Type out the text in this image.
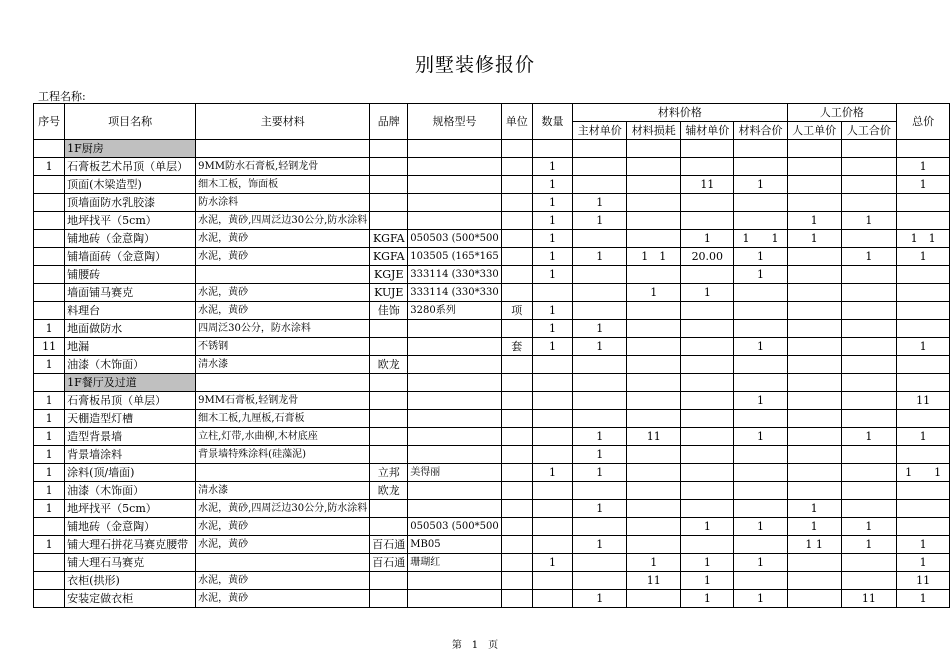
别墅装修报价
工程名称:
序号	项目名称	主要材料	品牌	规格型号	单位	数量	材料价格				人工价格		总价
							主材单价	材料损耗	辅材单价	材料合价	人工单价	人工合价	
	1F厨房												
1	石膏板艺术吊顶（单层）	9MM防水石膏板,轻钢龙骨				1							1
	顶面(木梁造型)	细木工板，饰面板				1			11	1			1
	顶墙面防水乳胶漆	防水涂料				1	1						
	地坪找平（5cm）	水泥，黄砂,四周泛边30公分,防水涂料				1	1				1	1	
	铺地砖（金意陶）	水泥，黄砂	KGFA	050503 (500*500		1			1	1　　1	1		1　1
	铺墙面砖（金意陶）	水泥，黄砂	KGFA	103505 (165*165		1	1	1　1	20.00	1		1	1
	铺腰砖		KGJE	333114 (330*330		1				1			
	墙面铺马赛克	水泥，黄砂	KUJE	333114 (330*330				1	1				
	料理台	水泥，黄砂	佳饰	3280系列	项	1							
1	地面做防水	四周泛30公分，防水涂料				1	1						
11	地漏	不锈钢			套	1	1			1			1
1	油漆（木饰面）	清水漆	欧龙										
	1F餐厅及过道												
1	石膏板吊顶（单层）	9MM石膏板,轻钢龙骨								1			11
1	天棚造型灯槽	细木工板,九厘板,石膏板											
1	造型背景墙	立柱,灯带,水曲柳,木材底座					1	11		1		1	1
1	背景墙涂料	背景墙特殊涂料(硅藻泥)					1						
1	涂料(顶/墙面)		立邦	美得丽		1	1						1　　1
1	油漆（木饰面）	清水漆	欧龙										
1	地坪找平（5cm）	水泥，黄砂,四周泛边30公分,防水涂料					1				1		
	铺地砖（金意陶）	水泥，黄砂		050503 (500*500					1	1	1	1	
1	铺大理石拼花马赛克腰带	水泥，黄砂	百石通	MB05			1				1 1	1	1
	铺大理石马赛克		百石通	珊瑚红		1		1	1	1			1
	衣柜(拱形)	水泥，黄砂						11	1				11
	安装定做衣柜	水泥，黄砂					1		1	1		11	1
第　1　页
